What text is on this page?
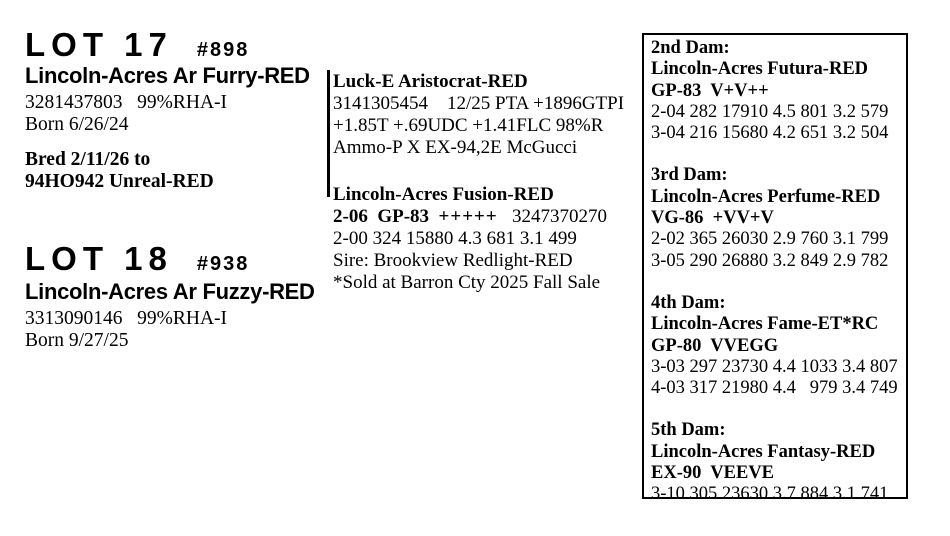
LOT 17 #898
Lincoln-Acres Ar Furry-RED
3281437803   99%RHA-I
Born 6/26/24
Bred 2/11/26 to
94HO942 Unreal-RED
LOT 18 #938
Lincoln-Acres Ar Fuzzy-RED
3313090146   99%RHA-I
Born 9/27/25
Luck-E Aristocrat-RED
3141305454    12/25 PTA +1896GTPI
+1.85T +.69UDC +1.41FLC 98%R
Ammo-P X EX-94,2E McGucci
Lincoln-Acres Fusion-RED
2-06  GP-83 +++++ 3247370270
2-00 324 15880 4.3 681 3.1 499
Sire: Brookview Redlight-RED
*Sold at Barron Cty 2025 Fall Sale
2nd Dam:
Lincoln-Acres Futura-RED
GP-83  V+V++
2-04 282 17910 4.5 801 3.2 579
3-04 216 15680 4.2 651 3.2 504
3rd Dam:
Lincoln-Acres Perfume-RED
VG-86  +VV+V
2-02 365 26030 2.9 760 3.1 799
3-05 290 26880 3.2 849 2.9 782
4th Dam:
Lincoln-Acres Fame-ET*RC
GP-80  VVEGG
3-03 297 23730 4.4 1033 3.4 807
4-03 317 21980 4.4   979 3.4 749
5th Dam:
Lincoln-Acres Fantasy-RED
EX-90  VEEVE
3-10 305 23630 3.7 884 3.1 741
